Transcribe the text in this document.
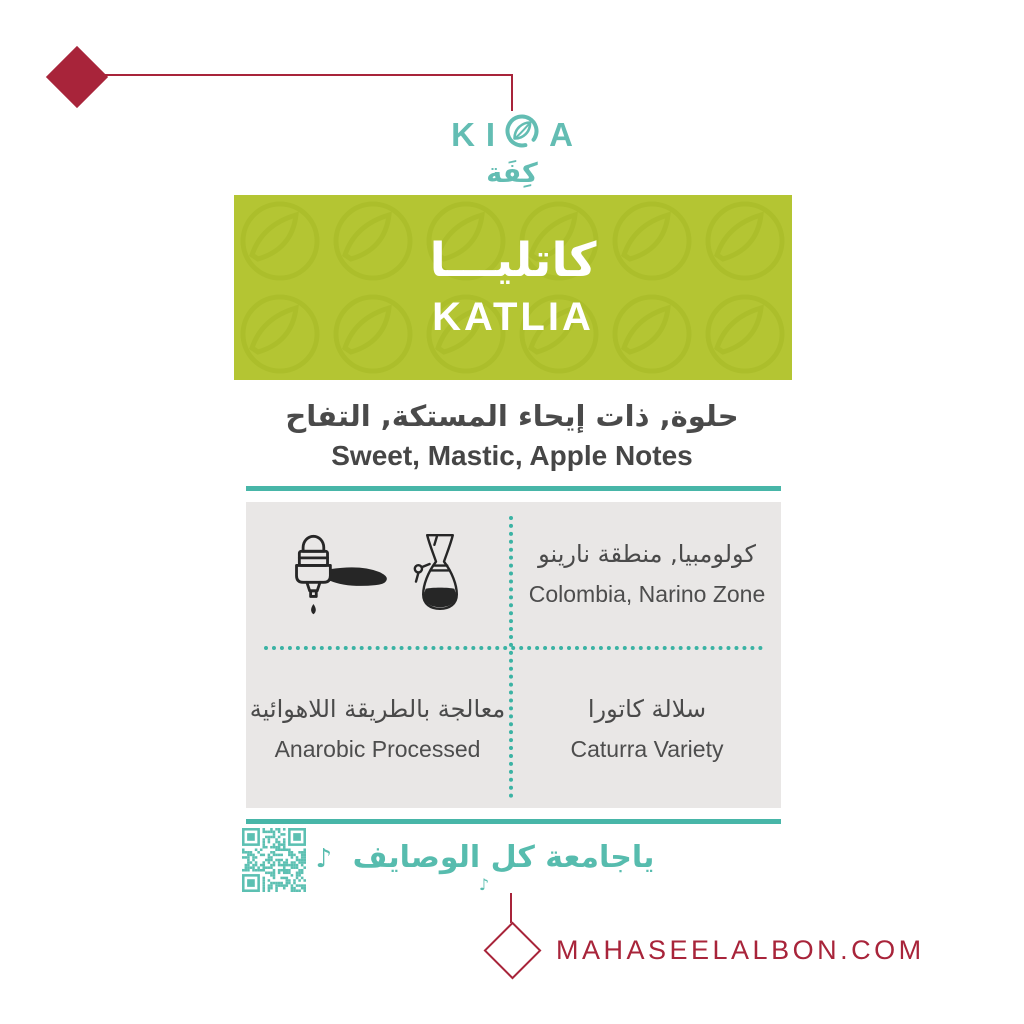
KI A
كِفَة
كاتليـــا
KATLIA
حلوة, ذات إيحاء المستكة, التفاح
Sweet, Mastic, Apple Notes
كولومبيا, منطقة نارينو
Colombia, Narino Zone
معالجة بالطريقة اللاهوائية
Anarobic Processed
سلالة كاتورا
Caturra Variety
ياجامعة كل الوصايف ♪♪
MAHASEELALBON.COM
